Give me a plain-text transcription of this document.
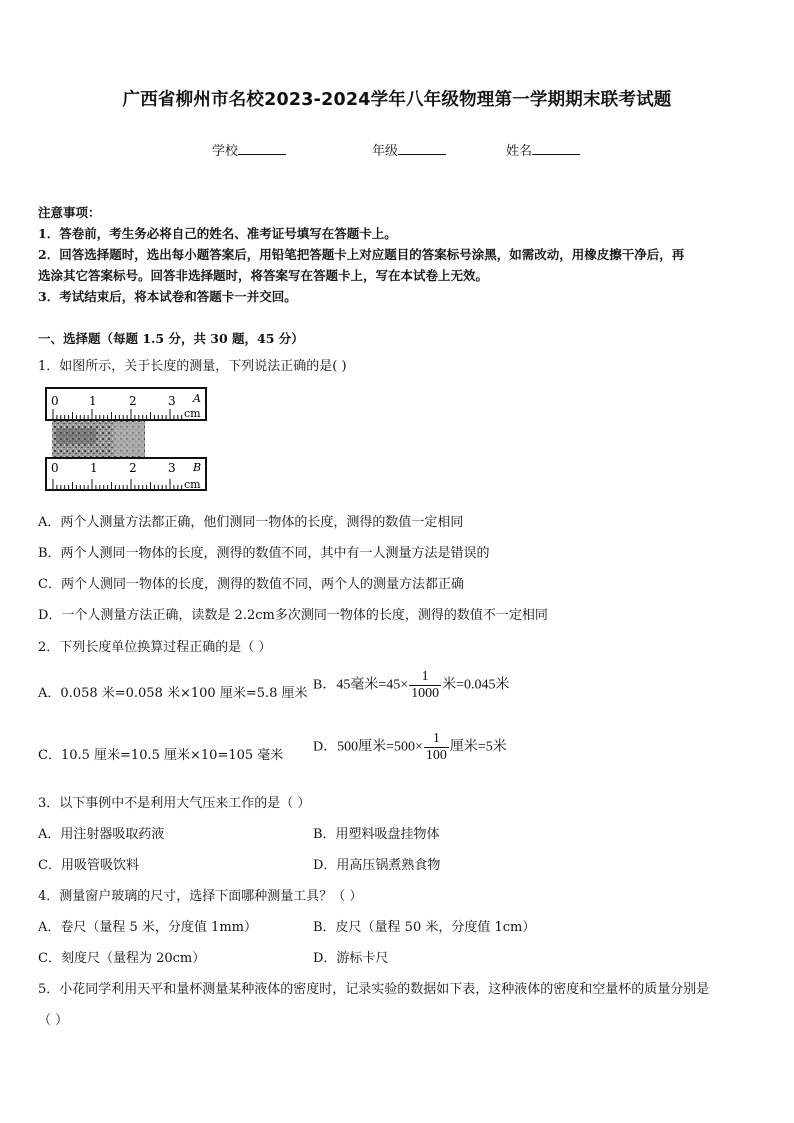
广西省柳州市名校2023-2024学年八年级物理第一学期期末联考试题
学校	年级	姓名
注意事项：
1．答卷前，考生务必将自己的姓名、准考证号填写在答题卡上。
2．回答选择题时，选出每小题答案后，用铅笔把答题卡上对应题目的答案标号涂黑，如需改动，用橡皮擦干净后，再
选涂其它答案标号。回答非选择题时，将答案写在答题卡上，写在本试卷上无效。
3．考试结束后，将本试卷和答题卡一并交回。
一、选择题（每题 1.5 分，共 30 题，45 分）
1．如图所示，关于长度的测量，下列说法正确的是( )
0	1	2	3
cm
A
0	1	2	3
cm
B
A．两个人测量方法都正确，他们测同一物体的长度，测得的数值一定相同
B．两个人测同一物体的长度，测得的数值不同，其中有一人测量方法是错误的
C．两个人测同一物体的长度，测得的数值不同，两个人的测量方法都正确
D．一个人测量方法正确，读数是 2.2cm多次测同一物体的长度，测得的数值不一定相同
2．下列长度单位换算过程正确的是（ ）
A．0.058 米=0.058 米×100 厘米=5.8 厘米
B．45毫米$=45\times \frac{1}{1000}$ 米=0.045米
C．10.5 厘米=10.5 厘米×10=105 毫米
D．500厘米$=500\times \frac{1}{100}$ 厘米=5米
3．以下事例中不是利用大气压来工作的是（ ）
A．用注射器吸取药液	B．用塑料吸盘挂物体
C．用吸管吸饮料	D．用高压锅煮熟食物
4．测量窗户玻璃的尺寸，选择下面哪种测量工具？（ ）
A．卷尺（量程 5 米，分度值 1mm）	B．皮尺（量程 50 米，分度值 1cm）
C．刻度尺（量程为 20cm）	D．游标卡尺
5．小花同学利用天平和量杯测量某种液体的密度时，记录实验的数据如下表，这种液体的密度和空量杯的质量分别是
（ ）
